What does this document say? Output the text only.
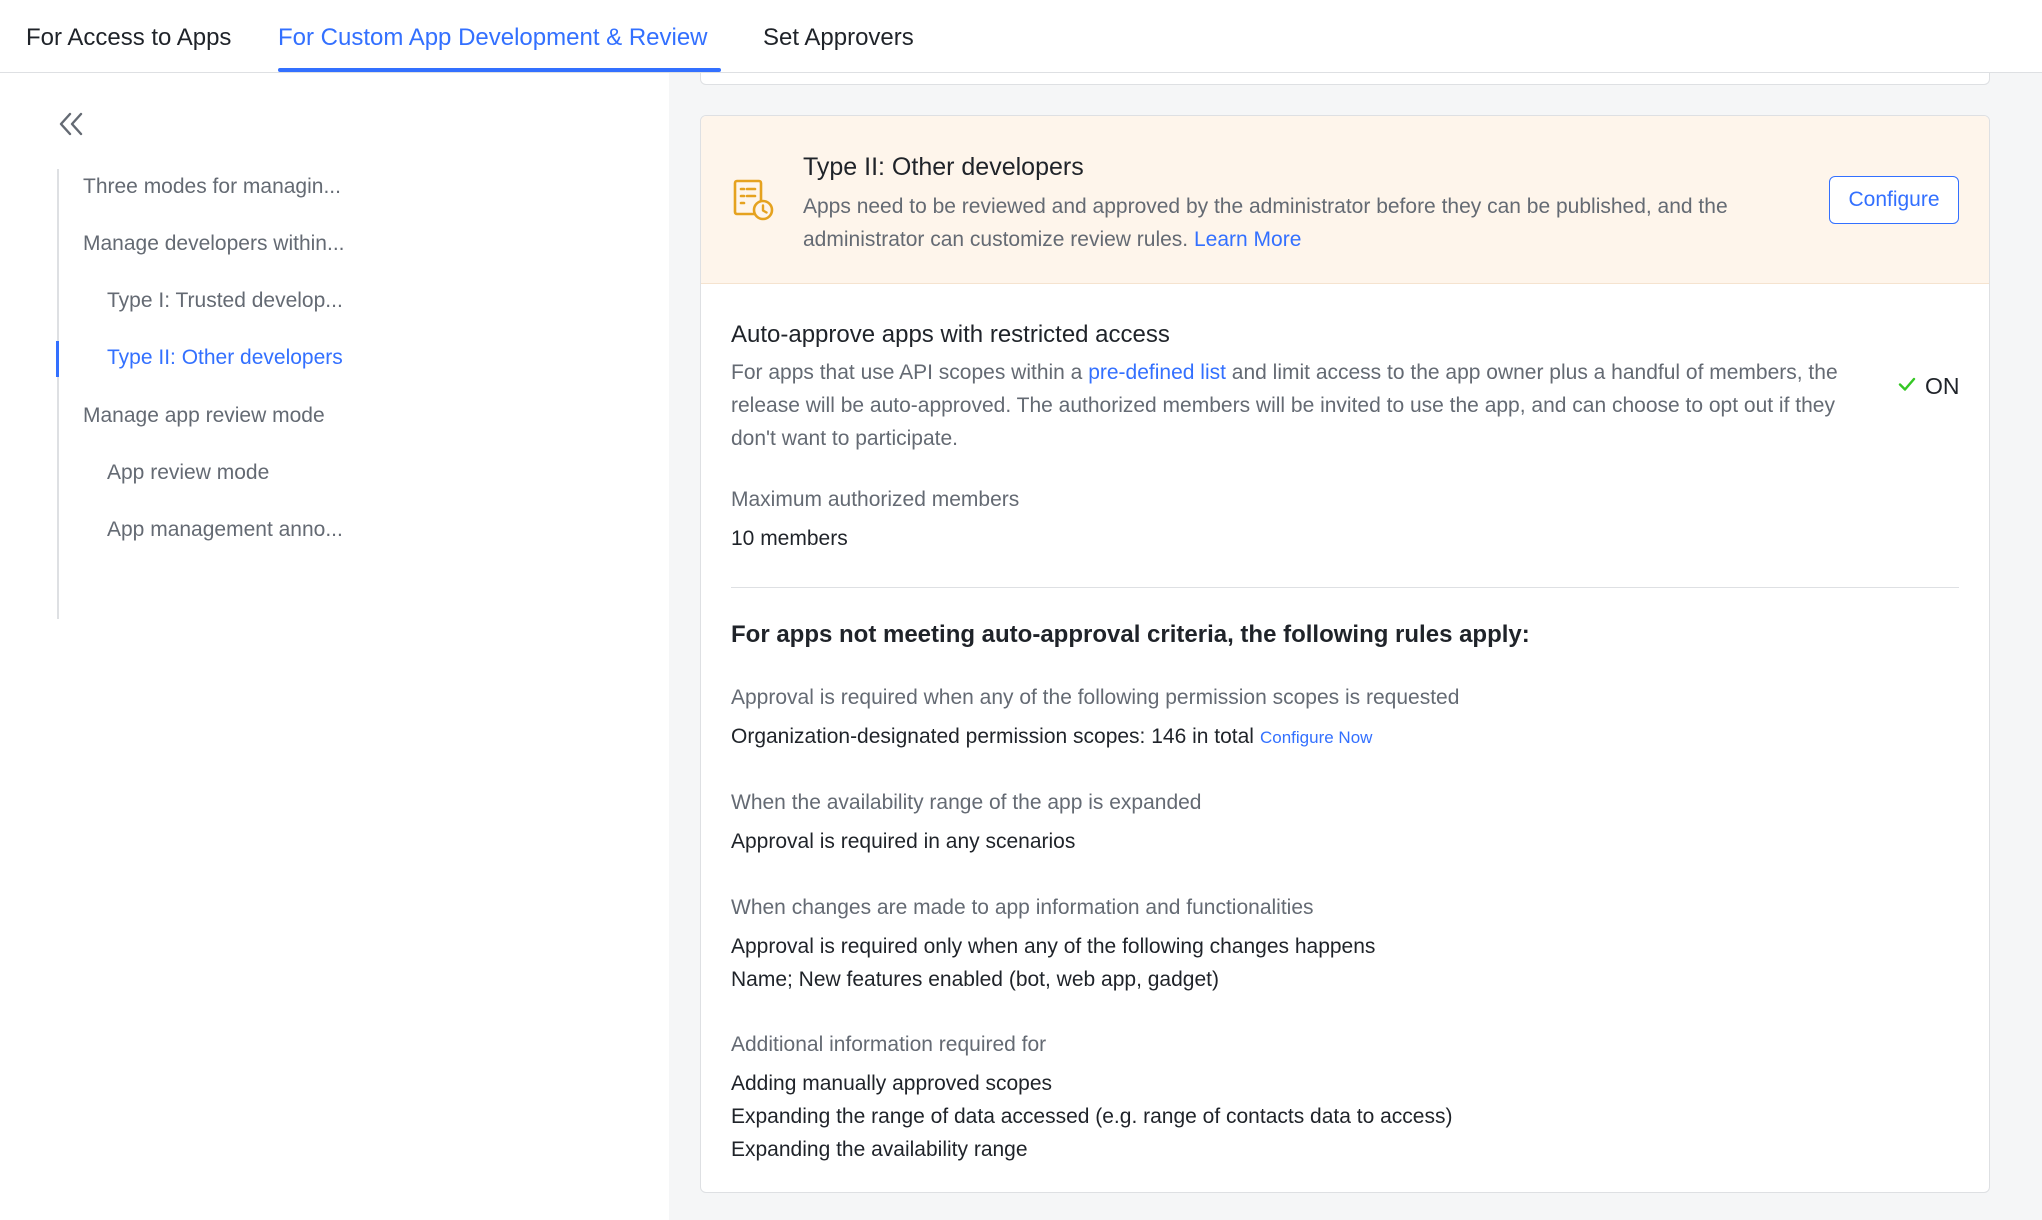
For Access to Apps For Custom App Development & Review Set Approvers
Three modes for managin...
Manage developers within...
Type I: Trusted develop...
Type II: Other developers
Manage app review mode
App review mode
App management anno...
Type II: Other developers
Apps need to be reviewed and approved by the administrator before they can be published, and the administrator can customize review rules. Learn More
Configure
Auto-approve apps with restricted access
For apps that use API scopes within a pre-defined list and limit access to the app owner plus a handful of members, the release will be auto-approved. The authorized members will be invited to use the app, and can choose to opt out if they don't want to participate.
ON
Maximum authorized members
10 members
For apps not meeting auto-approval criteria, the following rules apply:
Approval is required when any of the following permission scopes is requested
Organization-designated permission scopes: 146 in total Configure Now
When the availability range of the app is expanded
Approval is required in any scenarios
When changes are made to app information and functionalities
Approval is required only when any of the following changes happens
Name; New features enabled (bot, web app, gadget)
Additional information required for
Adding manually approved scopes
Expanding the range of data accessed (e.g. range of contacts data to access)
Expanding the availability range
